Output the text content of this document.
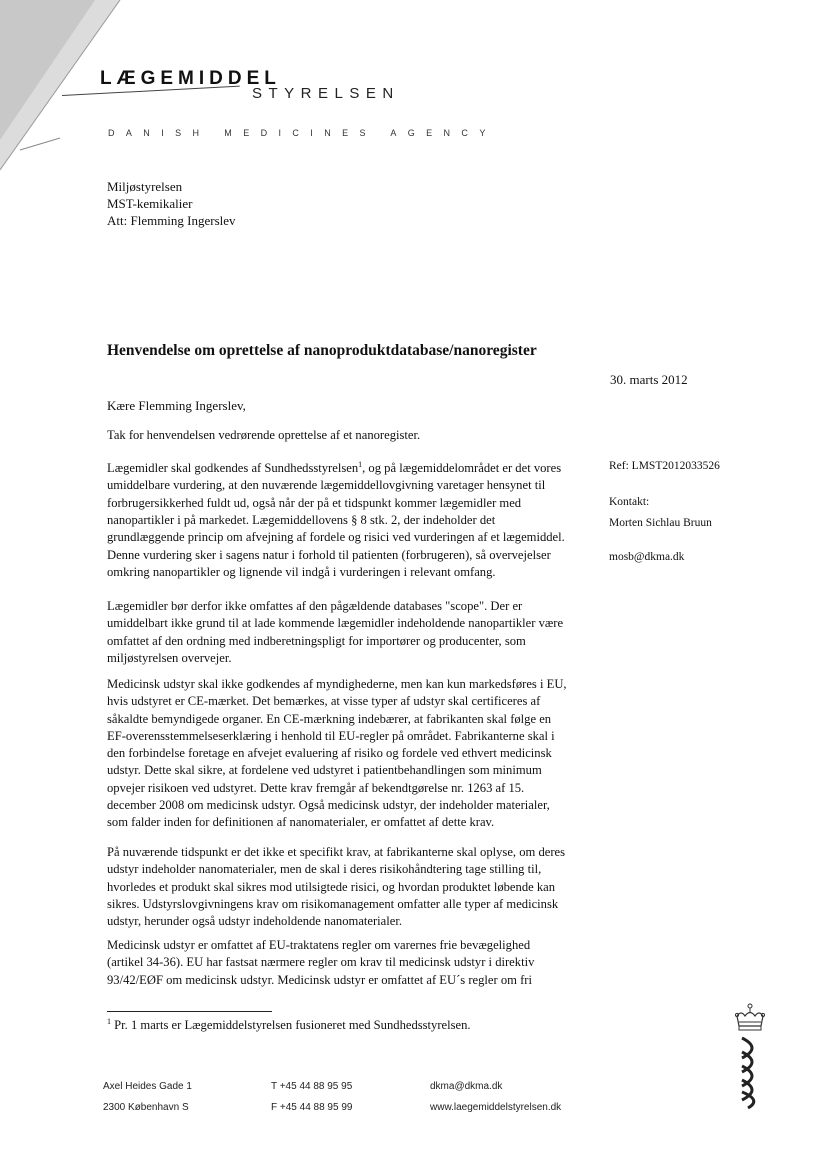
LÆGEMIDDEL
STYRELSEN
DANISH MEDICINES AGENCY
Miljøstyrelsen
MST-kemikalier
Att: Flemming Ingerslev
Henvendelse om oprettelse af nanoproduktdatabase/nanoregister
30. marts 2012
Kære Flemming Ingerslev,

Tak for henvendelsen vedrørende oprettelse af et nanoregister.

Lægemidler skal godkendes af Sundhedsstyrelsen$^1$, og på lægemiddelområdet er det vores umiddelbare vurdering, at den nuværende lægemiddellovgivning varetager hensynet til forbrugersikkerhed fuldt ud, også når der på et tidspunkt kommer lægemidler med nanopartikler i på markedet. Lægemiddellovens § 8 stk. 2, der indeholder det grundlæggende princip om afvejning af fordele og risici ved vurderingen af et lægemiddel. Denne vurdering sker i sagens natur i forhold til patienten (forbrugeren), så overvejelser omkring nanopartikler og lignende vil indgå i vurderingen i relevant omfang.

Lægemidler bør derfor ikke omfattes af den pågældende databases "scope". Der er umiddelbart ikke grund til at lade kommende lægemidler indeholdende nanopartikler være omfattet af den ordning med indberetningspligt for importører og producenter, som miljøstyrelsen overvejer.

Medicinsk udstyr skal ikke godkendes af myndighederne, men kan kun markedsføres i EU, hvis udstyret er CE-mærket. Det bemærkes, at visse typer af udstyr skal certificeres af såkaldte bemyndigede organer. En CE-mærkning indebærer, at fabrikanten skal følge en EF-overensstemmelseserklæring i henhold til EU-regler på området. Fabrikanterne skal i den forbindelse foretage en afvejet evaluering af risiko og fordele ved ethvert medicinsk udstyr. Dette skal sikre, at fordelene ved udstyret i patientbehandlingen som minimum opvejer risikoen ved udstyret. Dette krav fremgår af bekendtgørelse nr. 1263 af 15. december 2008 om medicinsk udstyr. Også medicinsk udstyr, der indeholder materialer, som falder inden for definitionen af nanomaterialer, er omfattet af dette krav.

På nuværende tidspunkt er det ikke et specifikt krav, at fabrikanterne skal oplyse, om deres udstyr indeholder nanomaterialer, men de skal i deres risikohåndtering tage stilling til, hvorledes et produkt skal sikres mod utilsigtede risici, og hvordan produktet løbende kan sikres. Udstyrslovgivningens krav om risikomanagement omfatter alle typer af medicinsk udstyr, herunder også udstyr indeholdende nanomaterialer.

Medicinsk udstyr er omfattet af EU-traktatens regler om varernes frie bevægelighed (artikel 34-36). EU har fastsat nærmere regler om krav til medicinsk udstyr i direktiv 93/42/EØF om medicinsk udstyr. Medicinsk udstyr er omfattet af EU´s regler om fri

Ref: LMST2012033526
Kontakt:
Morten Sichlau Bruun
mosb@dkma.dk
$^1$ Pr. 1 marts er Lægemiddelstyrelsen fusioneret med Sundhedsstyrelsen.
Axel Heides Gade 1
2300 København S
T +45 44 88 95 95
F +45 44 88 95 99
dkma@dkma.dk
www.laegemiddelstyrelsen.dk
